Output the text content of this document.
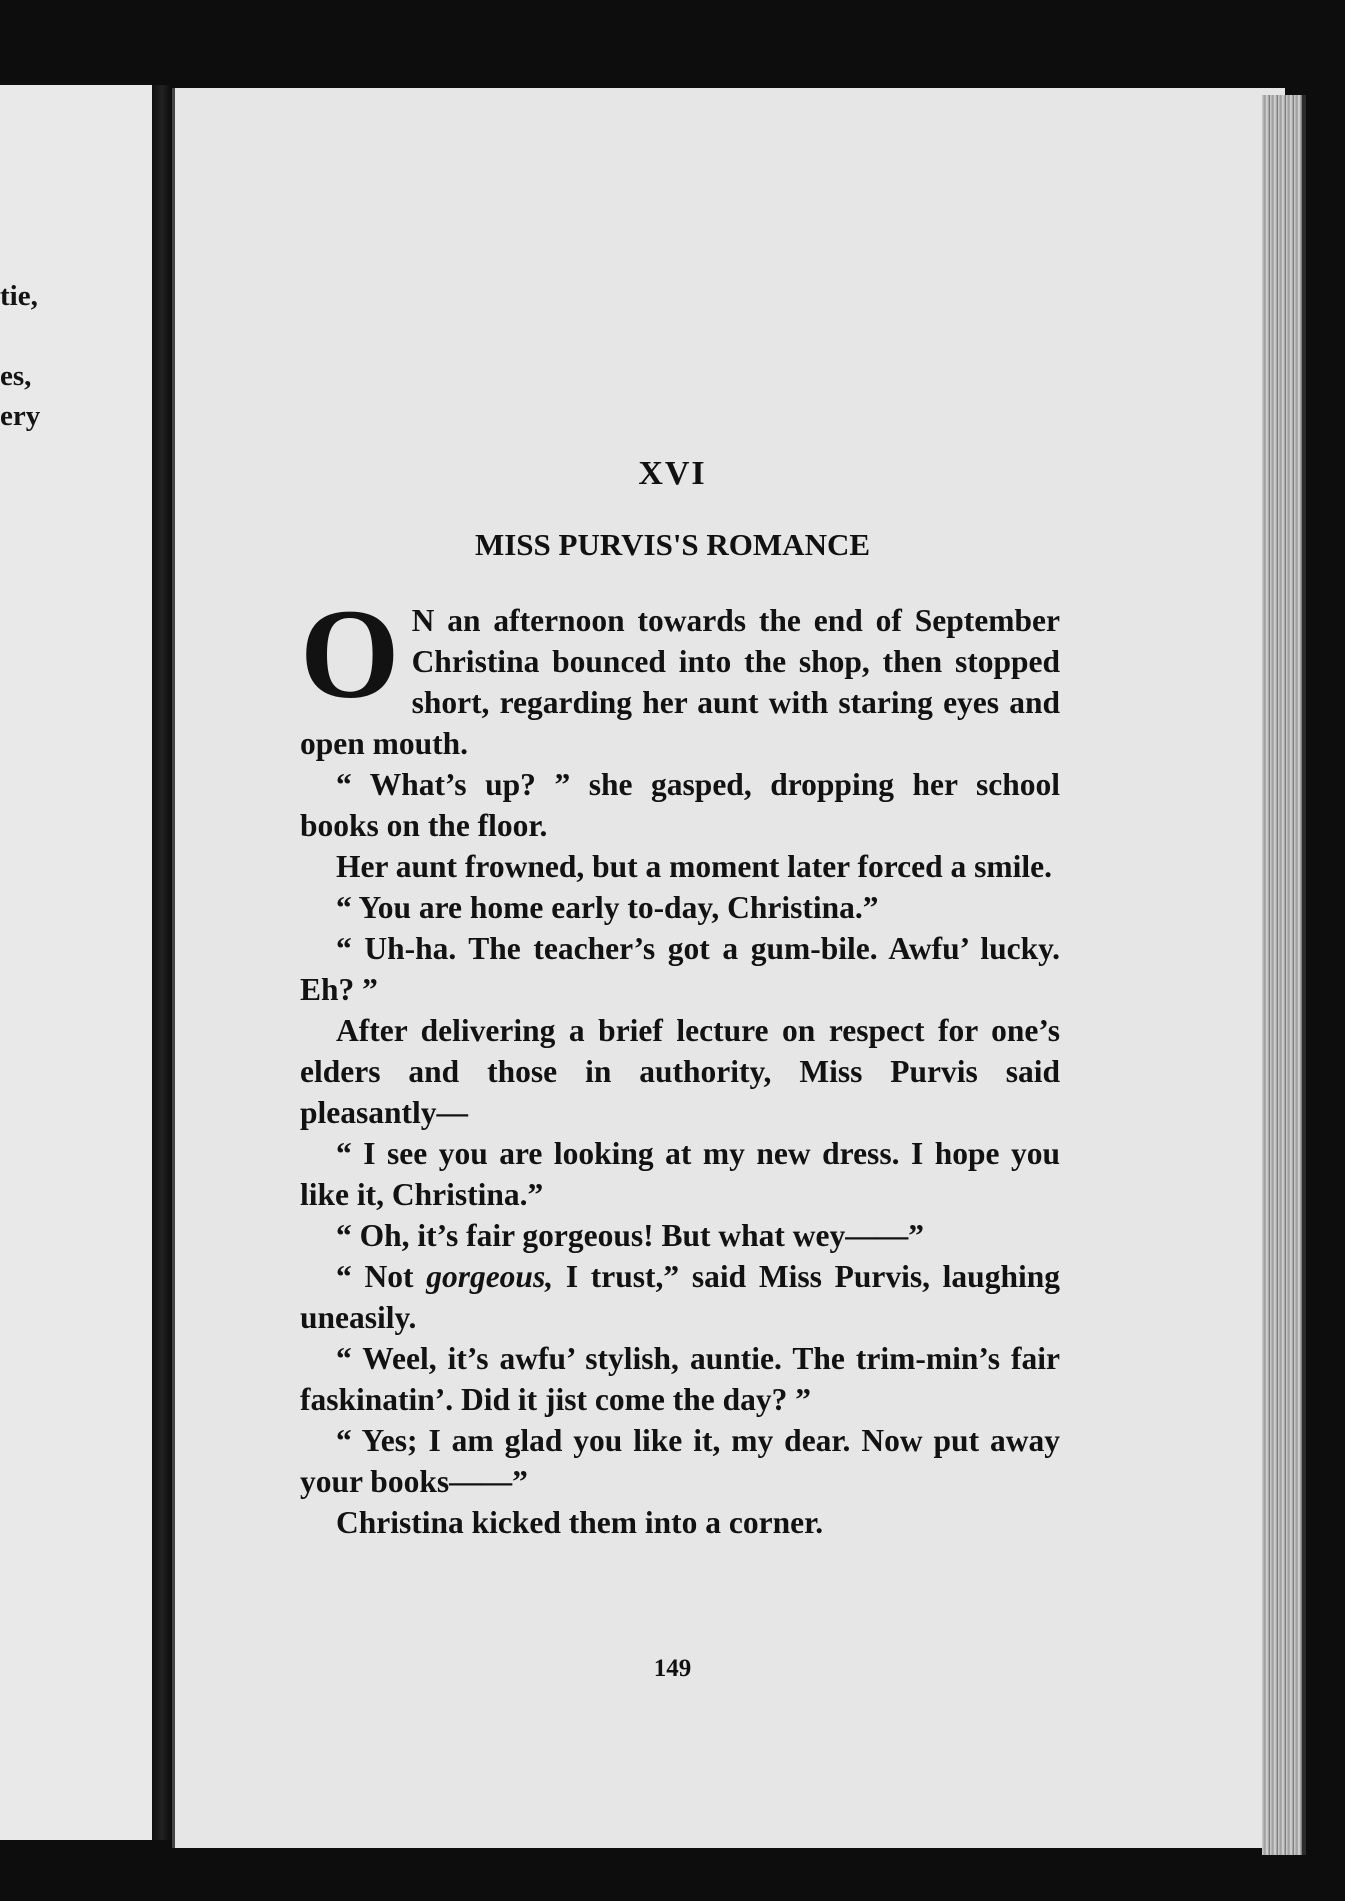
tie,
es,
ery
XVI
MISS PURVIS'S ROMANCE
O N an afternoon towards the end of September Christina bounced into the shop, then stopped short, regarding her aunt with staring eyes and open mouth.

“ What’s up? ” she gasped, dropping her school books on the floor.

Her aunt frowned, but a moment later forced a smile.

“ You are home early to-day, Christina.”

“ Uh-ha. The teacher’s got a gum-bile. Awfu’ lucky. Eh? ”

After delivering a brief lecture on respect for one’s elders and those in authority, Miss Purvis said pleasantly—

“ I see you are looking at my new dress. I hope you like it, Christina.”

“ Oh, it’s fair gorgeous! But what wey——”

“ Not gorgeous, I trust,” said Miss Purvis, laughing uneasily.

“ Weel, it’s awfu’ stylish, auntie. The trim-min’s fair faskinatin’. Did it jist come the day? ”

“ Yes; I am glad you like it, my dear. Now put away your books——”

Christina kicked them into a corner.

149
